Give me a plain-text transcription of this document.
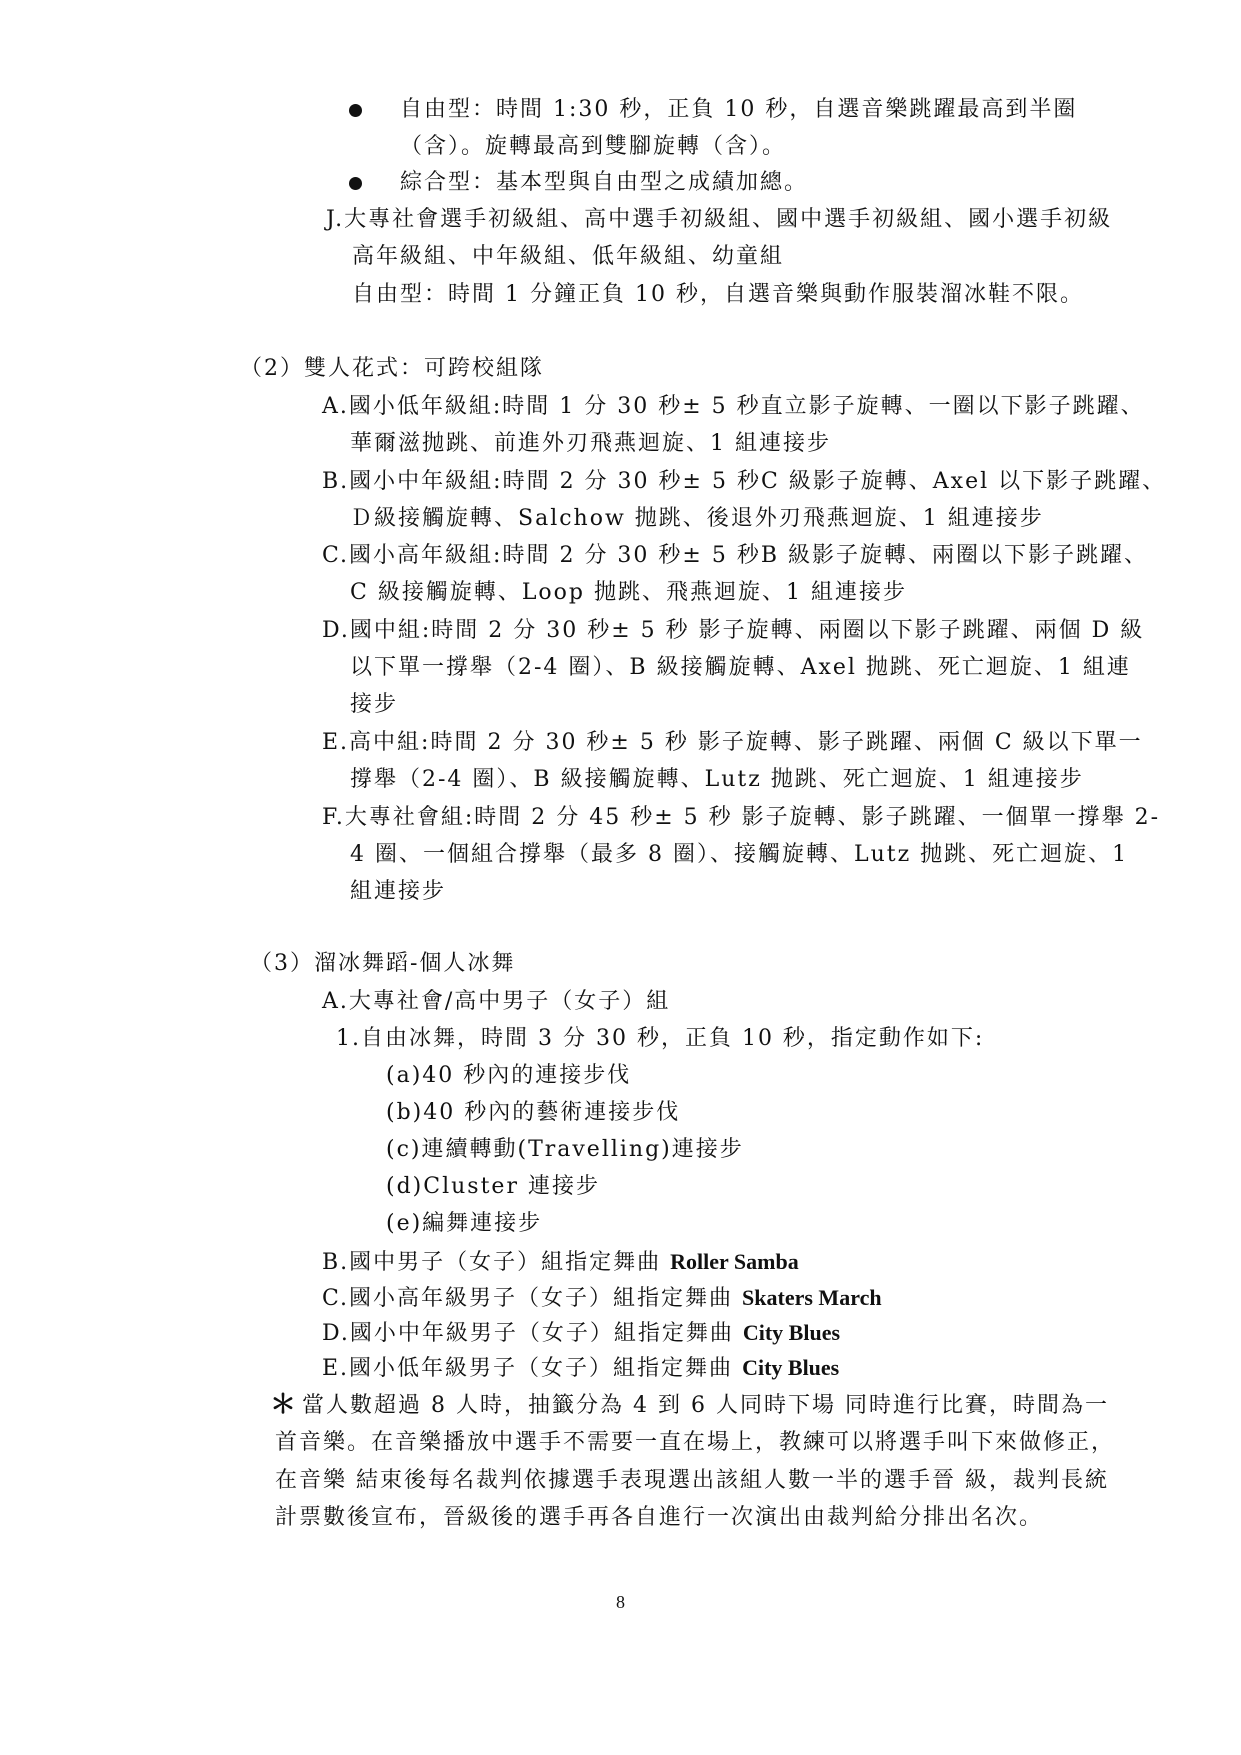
自由型：時間 1:30 秒，正負 10 秒，自選音樂跳躍最高到半圈
（含）。旋轉最高到雙腳旋轉（含）。
綜合型：基本型與自由型之成績加總。
J.大專社會選手初級組、高中選手初級組、國中選手初級組、國小選手初級
高年級組、中年級組、低年級組、幼童組
自由型：時間 1 分鐘正負 10 秒，自選音樂與動作服裝溜冰鞋不限。
（2）雙人花式：可跨校組隊
A.國小低年級組:時間 1 分 30 秒± 5 秒直立影子旋轉、一圈以下影子跳躍、
華爾滋抛跳、前進外刃飛燕迴旋、1 組連接步
B.國小中年級組:時間 2 分 30 秒± 5 秒C 級影子旋轉、Axel 以下影子跳躍、
Ｄ級接觸旋轉、Salchow 抛跳、後退外刃飛燕迴旋、1 組連接步
C.國小高年級組:時間 2 分 30 秒± 5 秒B 級影子旋轉、兩圈以下影子跳躍、
C 級接觸旋轉、Loop 抛跳、飛燕迴旋、1 組連接步
D.國中組:時間 2 分 30 秒± 5 秒 影子旋轉、兩圈以下影子跳躍、兩個 D 級
以下單一撐舉（2-4 圈）、B 級接觸旋轉、Axel 抛跳、死亡迴旋、1 組連
接步
E.高中組:時間 2 分 30 秒± 5 秒 影子旋轉、影子跳躍、兩個 C 級以下單一
撐舉（2-4 圈）、B 級接觸旋轉、Lutz 抛跳、死亡迴旋、1 組連接步
F.大專社會組:時間 2 分 45 秒± 5 秒 影子旋轉、影子跳躍、一個單一撐舉 2-
4 圈、一個組合撐舉（最多 8 圈）、接觸旋轉、Lutz 抛跳、死亡迴旋、1
組連接步
（3）溜冰舞蹈-個人冰舞
A.大專社會/高中男子（女子）組
1.自由冰舞，時間 3 分 30 秒，正負 10 秒，指定動作如下:
(a)40 秒內的連接步伐
(b)40 秒內的藝術連接步伐
(c)連續轉動(Travelling)連接步
(d)Cluster 連接步
(e)編舞連接步
B.國中男子（女子）組指定舞曲 Roller Samba
C.國小高年級男子（女子）組指定舞曲 Skaters March
D.國小中年級男子（女子）組指定舞曲 City Blues
E.國小低年級男子（女子）組指定舞曲 City Blues
＊ 當人數超過 8 人時，抽籤分為 4 到 6 人同時下場 同時進行比賽，時間為一
首音樂。在音樂播放中選手不需要一直在場上，教練可以將選手叫下來做修正，
在音樂 結束後每名裁判依據選手表現選出該組人數一半的選手晉 級，裁判長統
計票數後宣布，晉級後的選手再各自進行一次演出由裁判給分排出名次。
8
